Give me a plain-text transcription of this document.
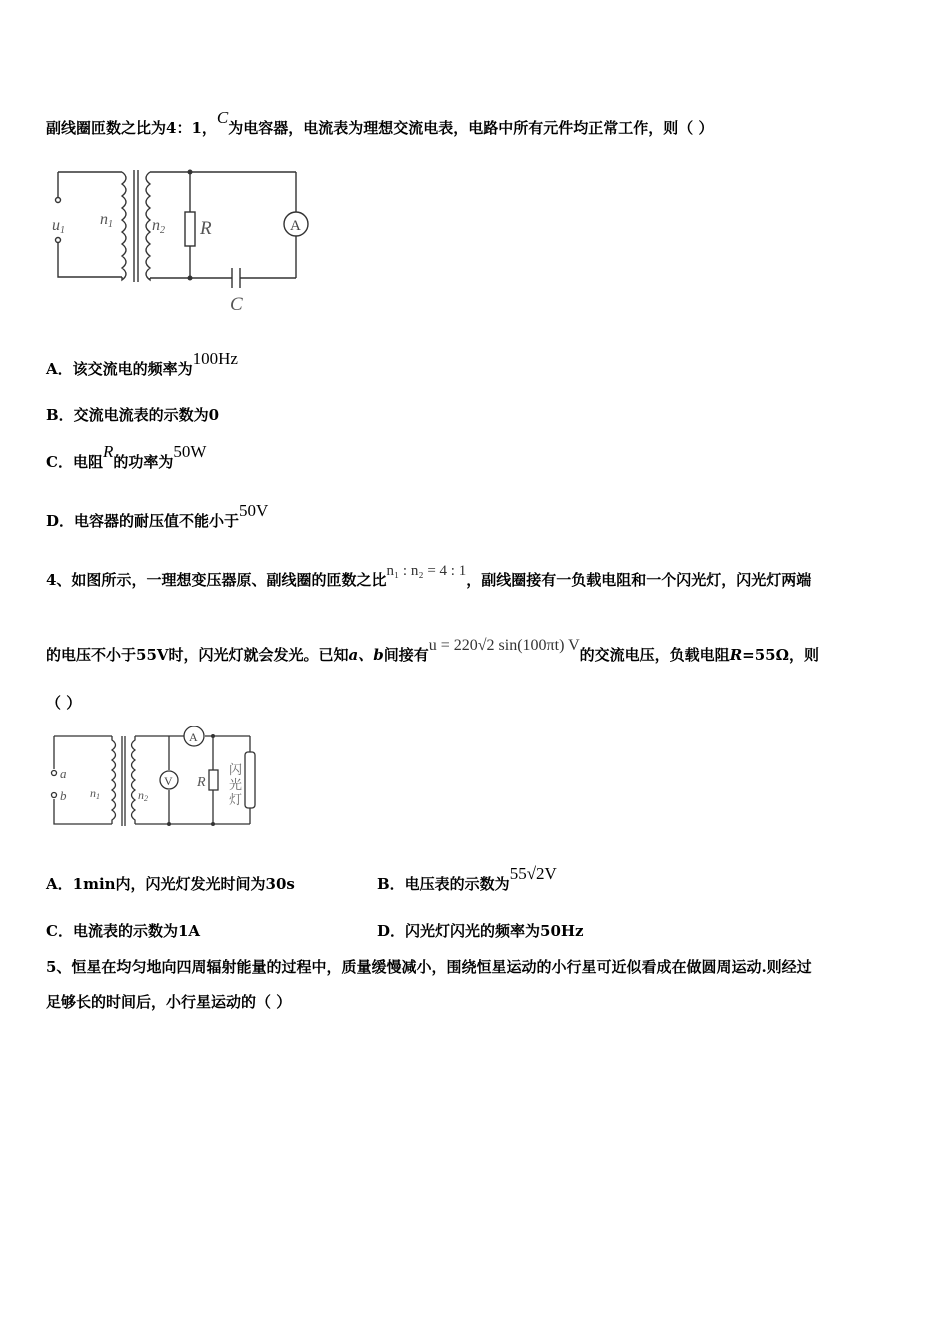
副线圈匝数之比为4：1，C为电容器，电流表为理想交流电表，电路中所有元件均正常工作，则（ ）
u1
n1 n2 R	A
C
A．该交流电的频率为100Hz
B．交流电流表的示数为0
C．电阻R的功率为50W
D．电容器的耐压值不能小于50V
4、如图所示，一理想变压器原、副线圈的匝数之比n₁ : n₂ = 4 : 1，副线圈接有一负载电阻和一个闪光灯，闪光灯两端
的电压不小于55V时，闪光灯就会发光。已知a、b间接有u = 220√2 sin(100πt) V的交流电压，负载电阻R=55Ω，则
（ ）
a
b n1	n2
A
V R
闪
光
灯
A．1min内，闪光灯发光时间为30s	B．电压表的示数为55√2V
C．电流表的示数为1A	D．闪光灯闪光的频率为50Hz
5、恒星在均匀地向四周辐射能量的过程中，质量缓慢减小，围绕恒星运动的小行星可近似看成在做圆周运动.则经过
足够长的时间后，小行星运动的（ ）
